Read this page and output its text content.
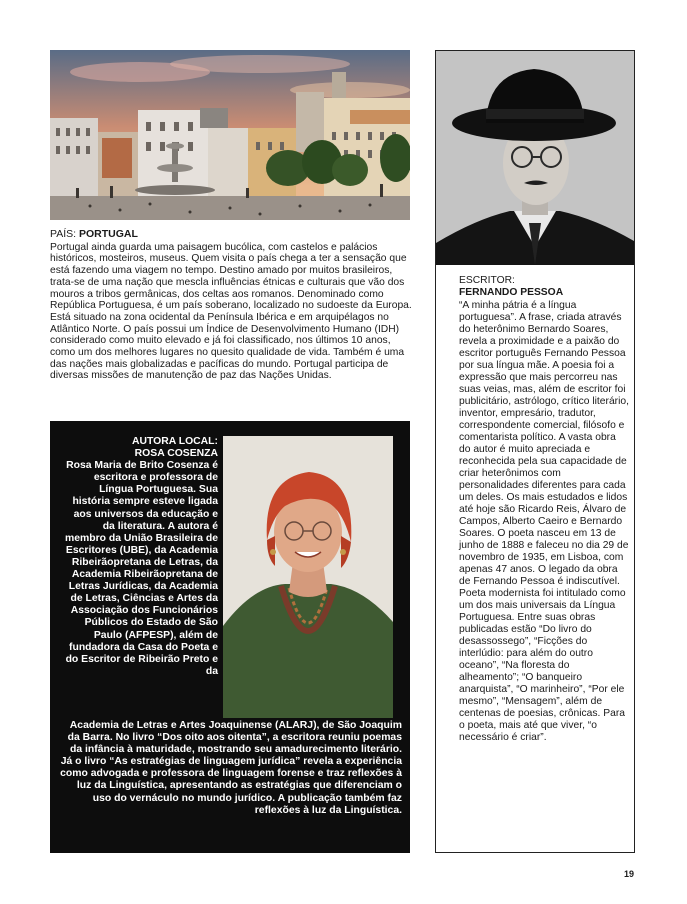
PAÍS: PORTUGAL

Portugal ainda guarda uma paisagem bucólica, com castelos e palácios históricos, mosteiros, museus. Quem visita o país chega a ter a sensação que está fazendo uma viagem no tempo. Destino amado por muitos brasileiros, trata-se de uma nação que mescla influências étnicas e culturais que vão dos mouros a tribos germânicas, dos celtas aos romanos. Denominado como República Portuguesa, é um país soberano, localizado no sudoeste da Europa. Está situado na zona ocidental da Península Ibérica e em arquipélagos no Atlântico Norte. O país possui um Índice de Desenvolvimento Humano (IDH) considerado como muito elevado e já foi classificado, nos últimos 10 anos, como um dos melhores lugares no quesito qualidade de vida. Também é uma das nações mais globalizadas e pacíficas do mundo. Portugal participa de diversas missões de manutenção de paz das Nações Unidas.

ESCRITOR:

FERNANDO PESSOA

“A minha pátria é a língua portuguesa”. A frase, criada através do heterônimo Bernardo Soares, revela a proximidade e a paixão do escritor português Fernando Pessoa por sua língua mãe. A poesia foi a expressão que mais percorreu nas suas veias, mas, além de escritor foi publicitário, astrólogo, crítico literário, inventor, empresário, tradutor, correspondente comercial, filósofo e comentarista político. A vasta obra do autor é muito apreciada e reconhecida pela sua capacidade de criar heterônimos com personalidades diferentes para cada um deles. Os mais estudados e lidos até hoje são Ricardo Reis, Álvaro de Campos, Alberto Caeiro e Bernardo Soares. O poeta nasceu em 13 de junho de 1888 e faleceu no dia 29 de novembro de 1935, em Lisboa, com apenas 47 anos. O legado da obra de Fernando Pessoa é indiscutível. Poeta modernista foi intitulado como um dos mais universais da Língua Portuguesa. Entre suas obras publicadas estão “Do livro do desassossego”, “Ficções do interlúdio: para além do outro oceano”, “Na floresta do alheamento”; “O banqueiro anarquista”, “O marinheiro”, “Por ele mesmo”, “Mensagem”, além de centenas de poesias, crônicas. Para o poeta, mais até que viver, “o necessário é criar”.

AUTORA LOCAL:

ROSA COSENZA

Rosa Maria de Brito Cosenza é escritora e professora de Língua Portuguesa. Sua história sempre esteve ligada aos universos da educação e da literatura. A autora é membro da União Brasileira de Escritores (UBE), da Academia Ribeirãopretana de Letras, da Academia Ribeirãopretana de Letras Jurídicas, da Academia de Letras, Ciências e Artes da Associação dos Funcionários Públicos do Estado de São Paulo (AFPESP), além de fundadora da Casa do Poeta e do Escritor de Ribeirão Preto e da

Academia de Letras e Artes Joaquinense (ALARJ), de São Joaquim da Barra. No livro “Dos oito aos oitenta”, a escritora reuniu poemas da infância à maturidade, mostrando seu amadurecimento literário. Já o livro “As estratégias de linguagem jurídica” revela a experiência como advogada e professora de linguagem forense e traz reflexões à luz da Linguística, apresentando as estratégias que diferenciam o uso do vernáculo no mundo jurídico. A publicação também faz reflexões à luz da Linguística.

19
